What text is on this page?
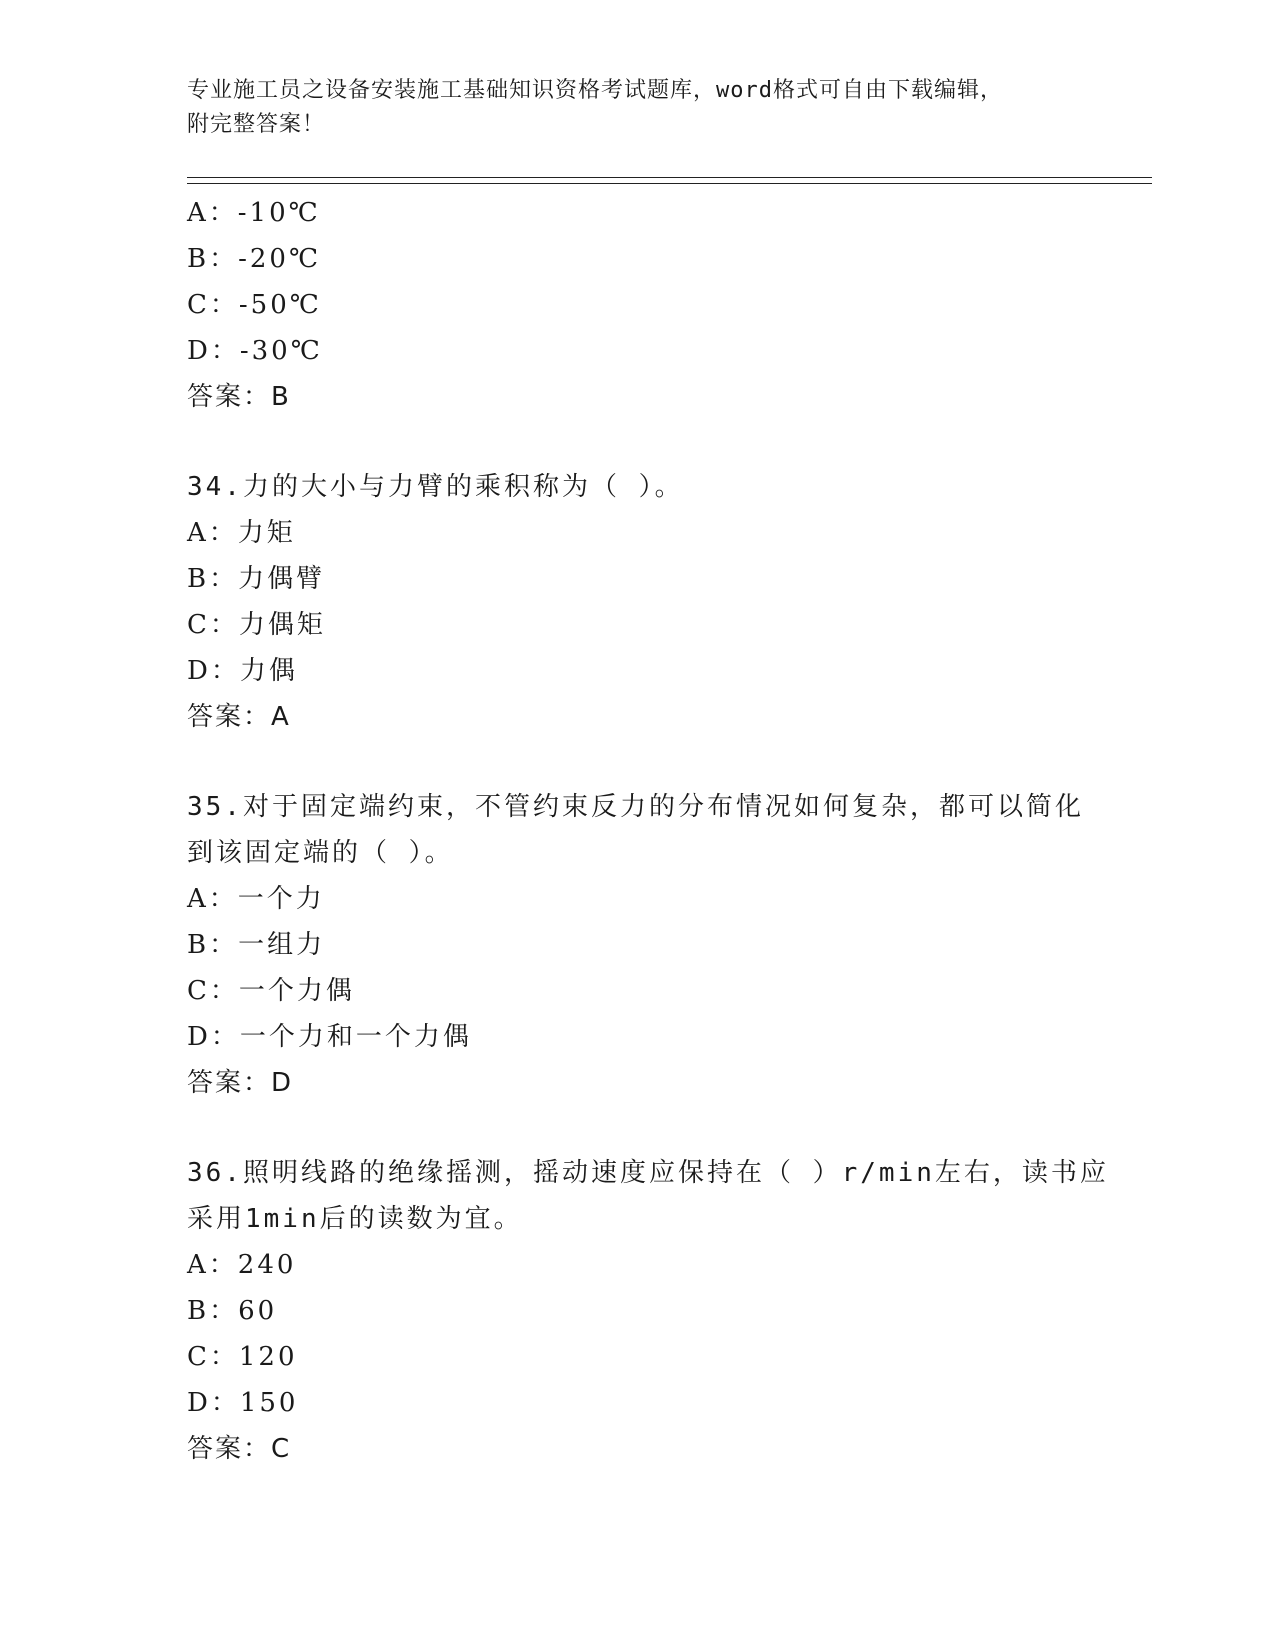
专业施工员之设备安装施工基础知识资格考试题库，word格式可自由下载编辑，
附完整答案！
A：-10℃
B：-20℃
C：-50℃
D：-30℃
答案：B
34.力的大小与力臂的乘积称为（ ）。
A：力矩
B：力偶臂
C：力偶矩
D：力偶
答案：A
35.对于固定端约束，不管约束反力的分布情况如何复杂，都可以简化
到该固定端的（ ）。
A：一个力
B：一组力
C：一个力偶
D：一个力和一个力偶
答案：D
36.照明线路的绝缘摇测，摇动速度应保持在（ ）r/min左右，读书应
采用1min后的读数为宜。
A：240
B：60
C：120
D：150
答案：C
